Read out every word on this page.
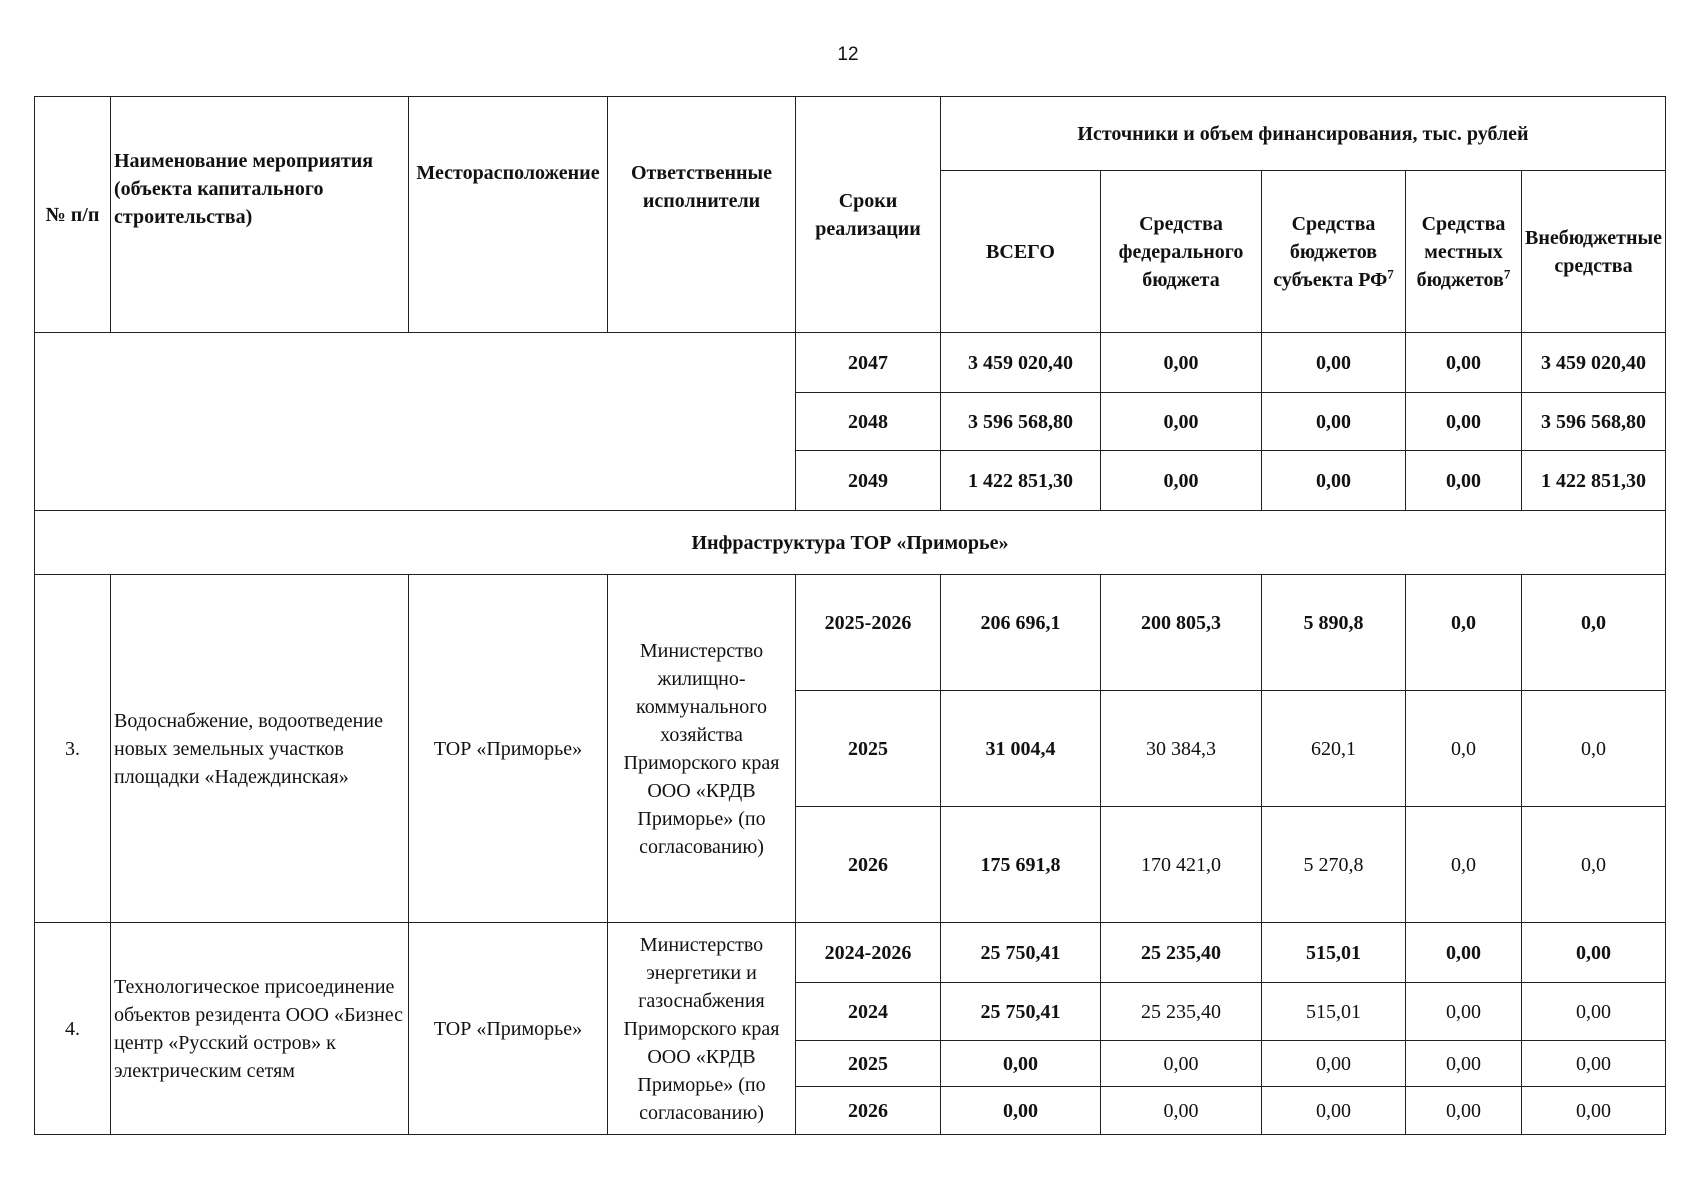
12
№ п/п	Наименование мероприятия (объекта капитального строительства)	Месторасположение	Ответственные исполнители	Сроки реализации	Источники и объем финансирования, тыс. рублей				
					ВСЕГО	Средства федерального бюджета	Средства бюджетов субъекта $РФ^7$	Средства местных бюджетов$^7$	Внебюджетные средства
				2047	3 459 020,40	0,00	0,00	0,00	3 459 020,40
				2048	3 596 568,80	0,00	0,00	0,00	3 596 568,80
				2049	1 422 851,30	0,00	0,00	0,00	1 422 851,30
Инфраструктура ТОР «Приморье»									
3.	Водоснабжение, водоотведение новых земельных участков площадки «Надеждинская»	ТОР «Приморье»	Министерство жилищно-коммунального хозяйства Приморского края ООО «КРДВ Приморье» (по согласованию)	2025-2026	206 696,1	200 805,3	5 890,8	0,0	0,0
				2025	31 004,4	30 384,3	620,1	0,0	0,0
				2026	175 691,8	170 421,0	5 270,8	0,0	0,0
4.	Технологическое присоединение объектов резидента ООО «Бизнес центр «Русский остров» к электрическим сетям	ТОР «Приморье»	Министерство энергетики и газоснабжения Приморского края ООО «КРДВ Приморье» (по согласованию)	2024-2026	25 750,41	25 235,40	515,01	0,00	0,00
				2024	25 750,41	25 235,40	515,01	0,00	0,00
				2025	0,00	0,00	0,00	0,00	0,00
				2026	0,00	0,00	0,00	0,00	0,00
